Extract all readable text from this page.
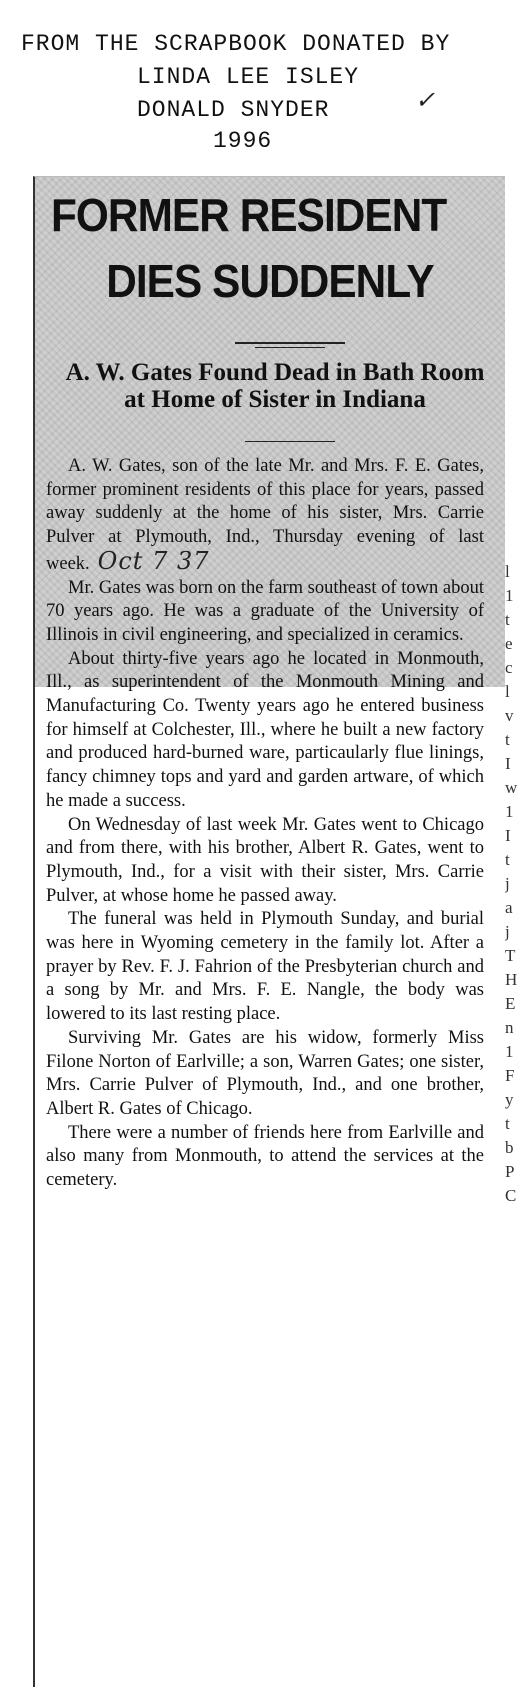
FROM THE SCRAPBOOK DONATED BY
LINDA LEE ISLEY
✓
DONALD SNYDER
1996
FORMER RESIDENT
DIES SUDDENLY
A. W. Gates Found Dead in Bath Room at Home of Sister in Indiana

A. W. Gates, son of the late Mr. and Mrs. F. E. Gates, former prominent residents of this place for years, passed away suddenly at the home of his sister, Mrs. Carrie Pulver at Plymouth, Ind., Thursday evening of last week. Oct 7 37

Mr. Gates was born on the farm southeast of town about 70 years ago. He was a graduate of the University of Illinois in civil engineering, and specialized in ceramics.

About thirty-five years ago he located in Monmouth, Ill., as superintendent of the Monmouth Mining and Manufacturing Co. Twenty years ago he entered business for himself at Colchester, Ill., where he built a new factory and produced hard-burned ware, particaularly flue linings, fancy chimney tops and yard and garden artware, of which he made a success.

On Wednesday of last week Mr. Gates went to Chicago and from there, with his brother, Albert R. Gates, went to Plymouth, Ind., for a visit with their sister, Mrs. Carrie Pulver, at whose home he passed away.

The funeral was held in Plymouth Sunday, and burial was here in Wyoming cemetery in the family lot. After a prayer by Rev. F. J. Fahrion of the Presbyterian church and a song by Mr. and Mrs. F. E. Nangle, the body was lowered to its last resting place.

Surviving Mr. Gates are his widow, formerly Miss Filone Norton of Earlville; a son, Warren Gates; one sister, Mrs. Carrie Pulver of Plymouth, Ind., and one brother, Albert R. Gates of Chicago.

There were a number of friends here from Earlville and also many from Monmouth, to attend the services at the cemetery.

l
1
t
e
c
l
v
t
I
w
1
I
t
j
a
j
T
H
E
n
1
F
y
t
b
P
C
